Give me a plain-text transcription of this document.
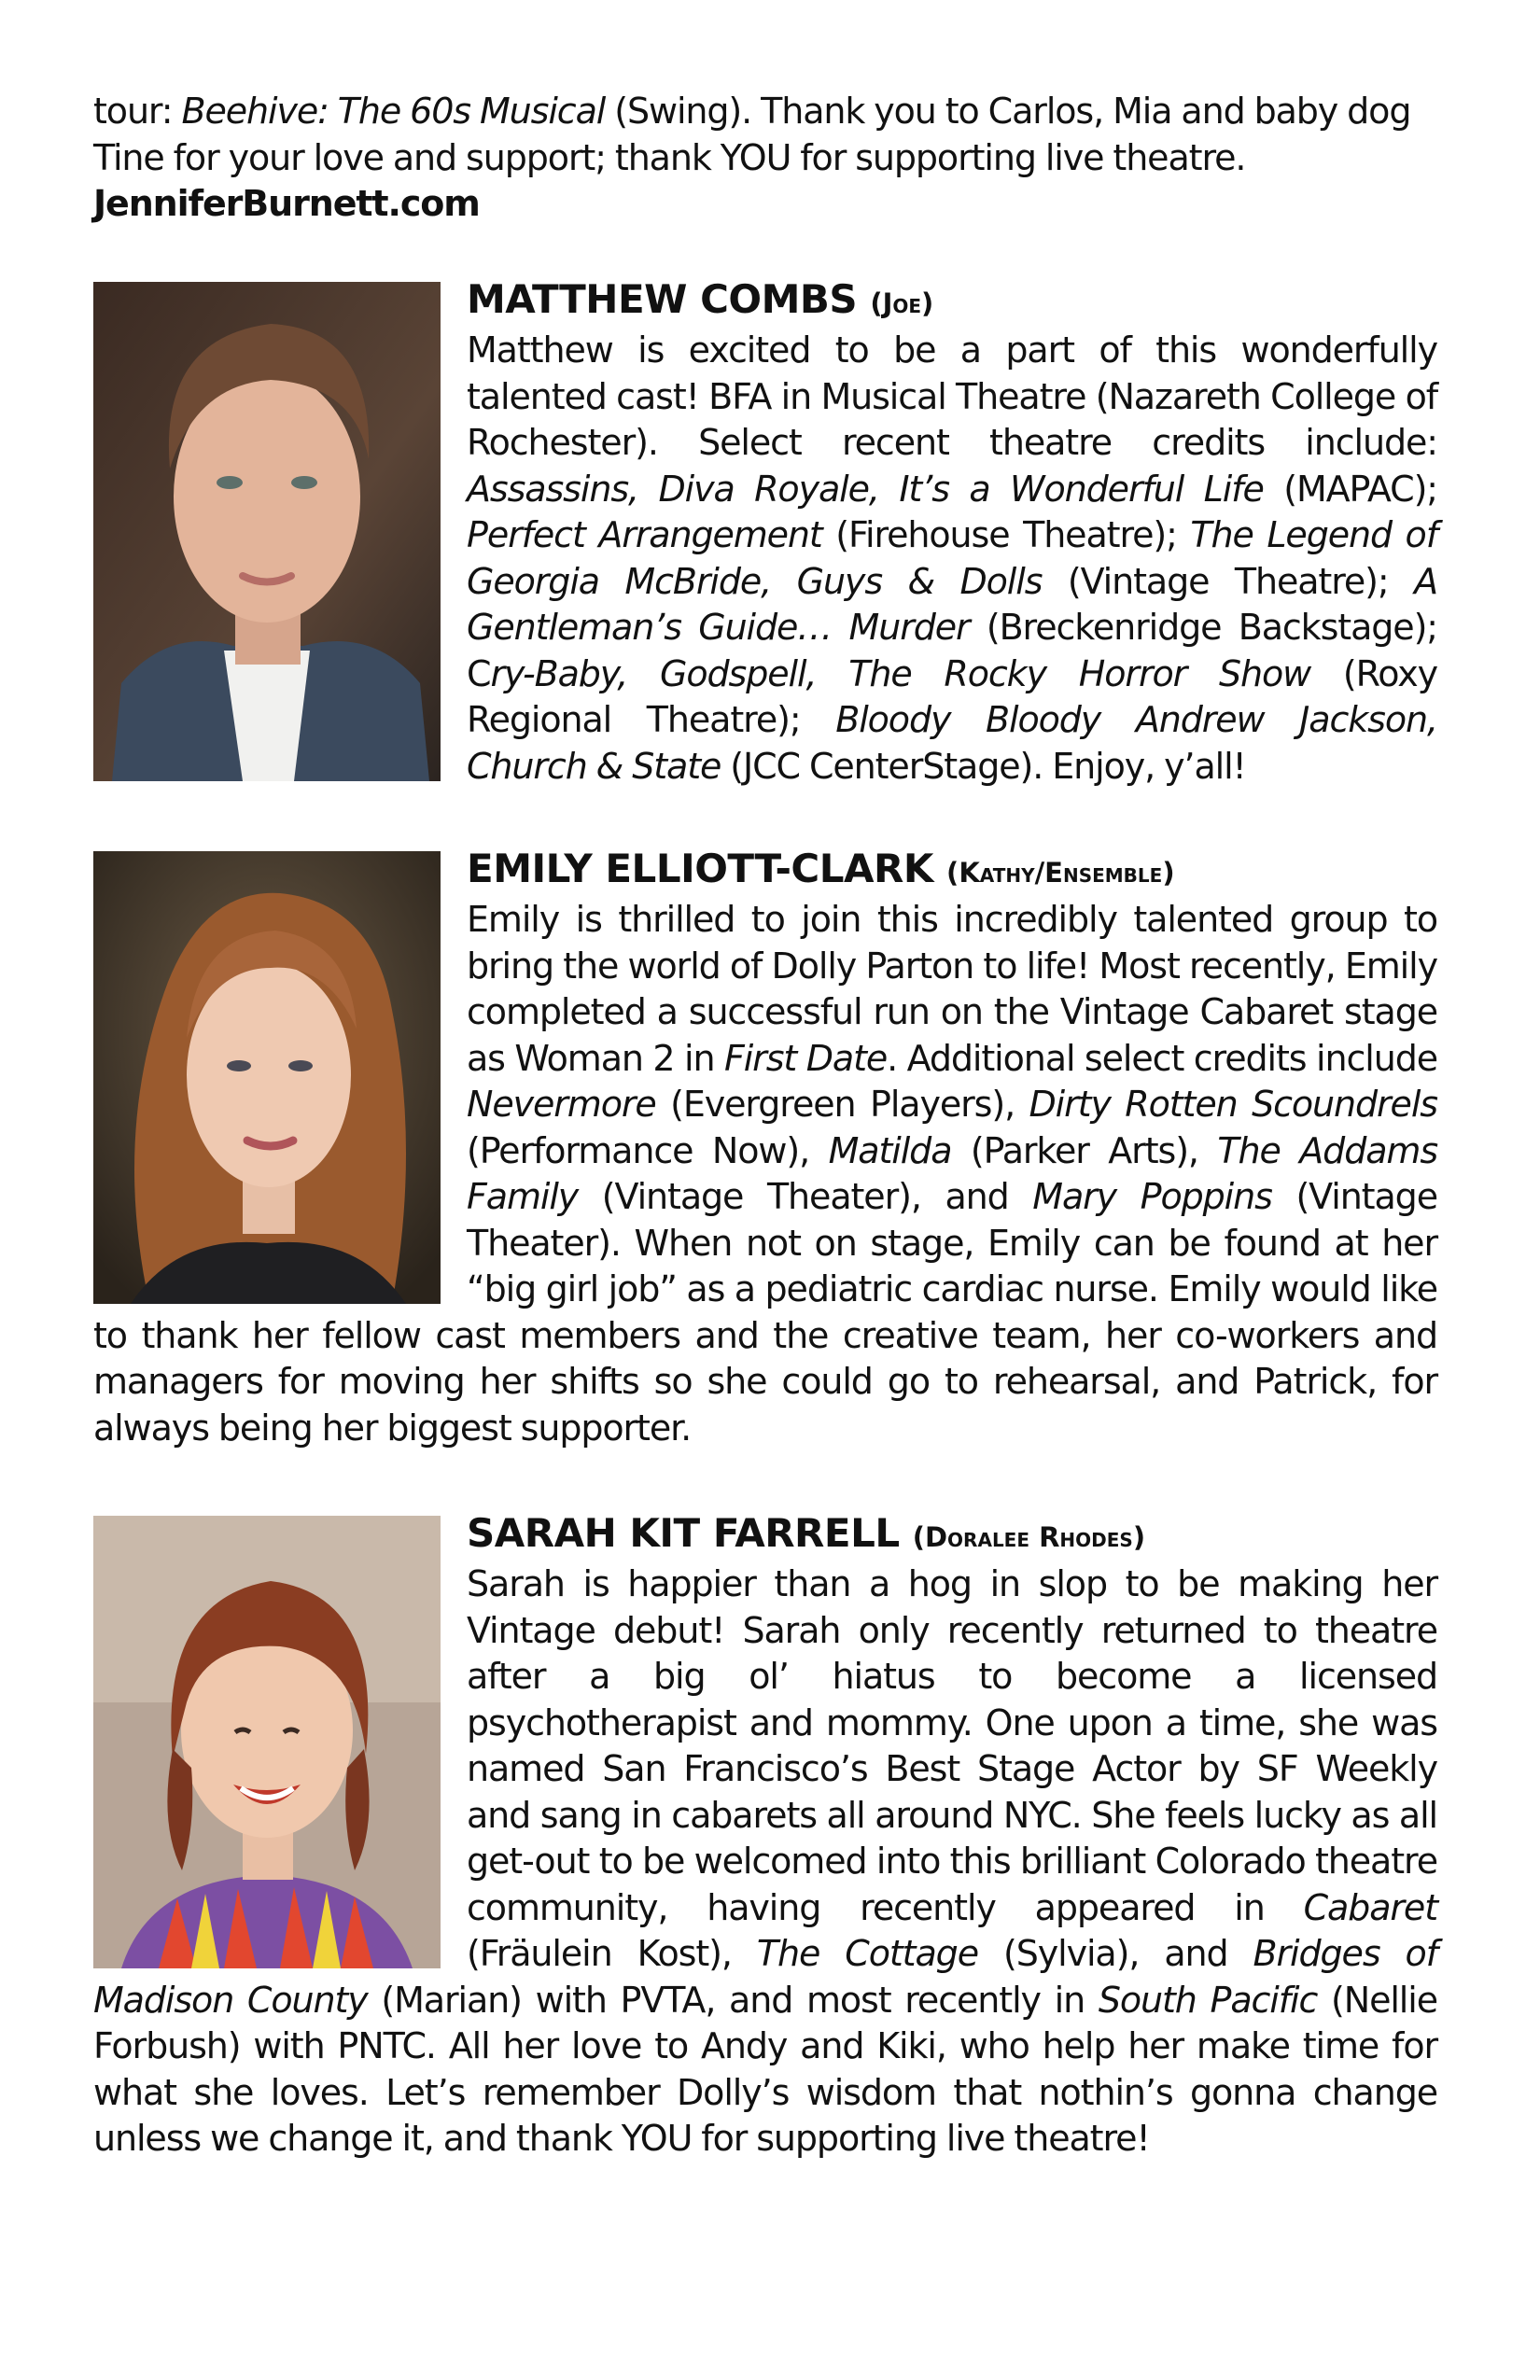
tour: Beehive: The 60s Musical (Swing). Thank you to Carlos, Mia and baby dog Tine for your love and support; thank YOU for supporting live theatre.
JenniferBurnett.com

MATTHEW COMBS (Joe)

Matthew is excited to be a part of this wonderfully talented cast! BFA in Musical Theatre (Nazareth College of Rochester). Select recent theatre credits include: Assassins, Diva Royale, It’s a Wonderful Life (MAPAC); Perfect Arrangement (Firehouse Theatre); The Legend of Georgia McBride, Guys & Dolls (Vintage Theatre); A Gentleman’s Guide… Murder (Breckenridge Backstage); Cry-Baby, Godspell, The Rocky Horror Show (Roxy Regional Theatre); Bloody Bloody Andrew Jackson, Church & State (JCC CenterStage). Enjoy, y’all!

EMILY ELLIOTT-CLARK (Kathy/Ensemble)

Emily is thrilled to join this incredibly talented group to bring the world of Dolly Parton to life! Most recently, Emily completed a successful run on the Vintage Cabaret stage as Woman 2 in First Date. Additional select credits include Nevermore (Evergreen Players), Dirty Rotten Scoundrels (Performance Now), Matilda (Parker Arts), The Addams Family (Vintage Theater), and Mary Poppins (Vintage Theater). When not on stage, Emily can be found at her “big girl job” as a pediatric cardiac nurse. Emily would like to thank her fellow cast members and the creative team, her co-workers and managers for moving her shifts so she could go to rehearsal, and Patrick, for always being her biggest supporter.

SARAH KIT FARRELL (Doralee Rhodes)

Sarah is happier than a hog in slop to be making her Vintage debut! Sarah only recently returned to theatre after a big ol’ hiatus to become a licensed psychotherapist and mommy. One upon a time, she was named San Francisco’s Best Stage Actor by SF Weekly and sang in cabarets all around NYC. She feels lucky as all get-out to be welcomed into this brilliant Colorado theatre community, having recently appeared in Cabaret (Fräulein Kost), The Cottage (Sylvia), and Bridges of Madison County (Marian) with PVTA, and most recently in South Pacific (Nellie Forbush) with PNTC. All her love to Andy and Kiki, who help her make time for what she loves. Let’s remember Dolly’s wisdom that nothin’s gonna change unless we change it, and thank YOU for supporting live theatre!
